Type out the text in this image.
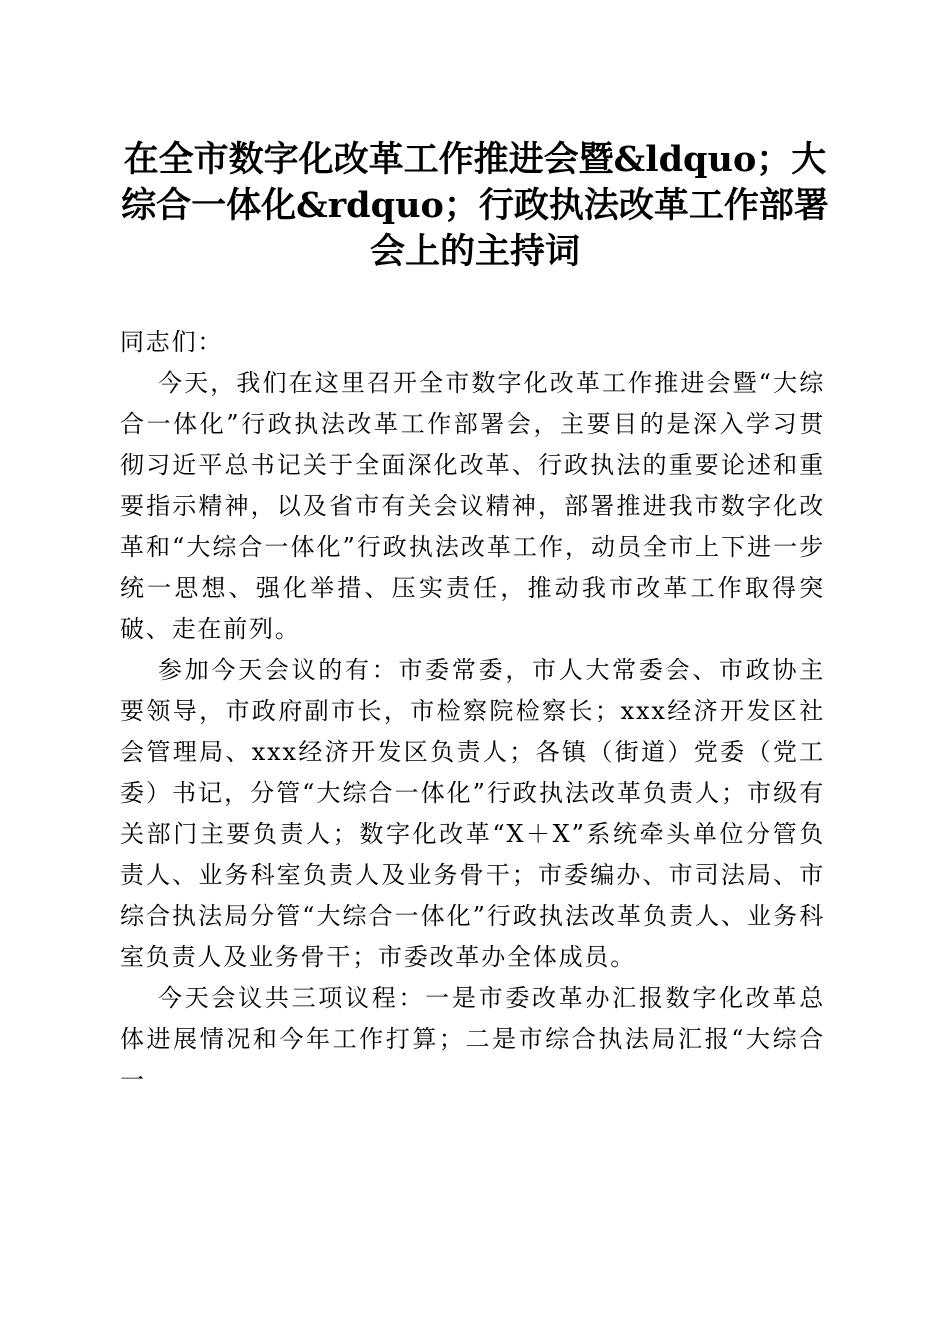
在全市数字化改革工作推进会暨&ldquo；大综合一体化&rdquo；行政执法改革工作部署会上的主持词

同志们：

今天，我们在这里召开全市数字化改革工作推进会暨“大综合一体化”行政执法改革工作部署会，主要目的是深入学习贯彻习近平总书记关于全面深化改革、行政执法的重要论述和重要指示精神，以及省市有关会议精神，部署推进我市数字化改革和“大综合一体化”行政执法改革工作，动员全市上下进一步统一思想、强化举措、压实责任，推动我市改革工作取得突破、走在前列。

参加今天会议的有：市委常委，市人大常委会、市政协主要领导，市政府副市长，市检察院检察长；xxx经济开发区社会管理局、xxx经济开发区负责人；各镇（街道）党委（党工委）书记，分管“大综合一体化”行政执法改革负责人；市级有关部门主要负责人；数字化改革“X＋X”系统牵头单位分管负责人、业务科室负责人及业务骨干；市委编办、市司法局、市综合执法局分管“大综合一体化”行政执法改革负责人、业务科室负责人及业务骨干；市委改革办全体成员。

今天会议共三项议程：一是市委改革办汇报数字化改革总体进展情况和今年工作打算；二是市综合执法局汇报“大综合一
